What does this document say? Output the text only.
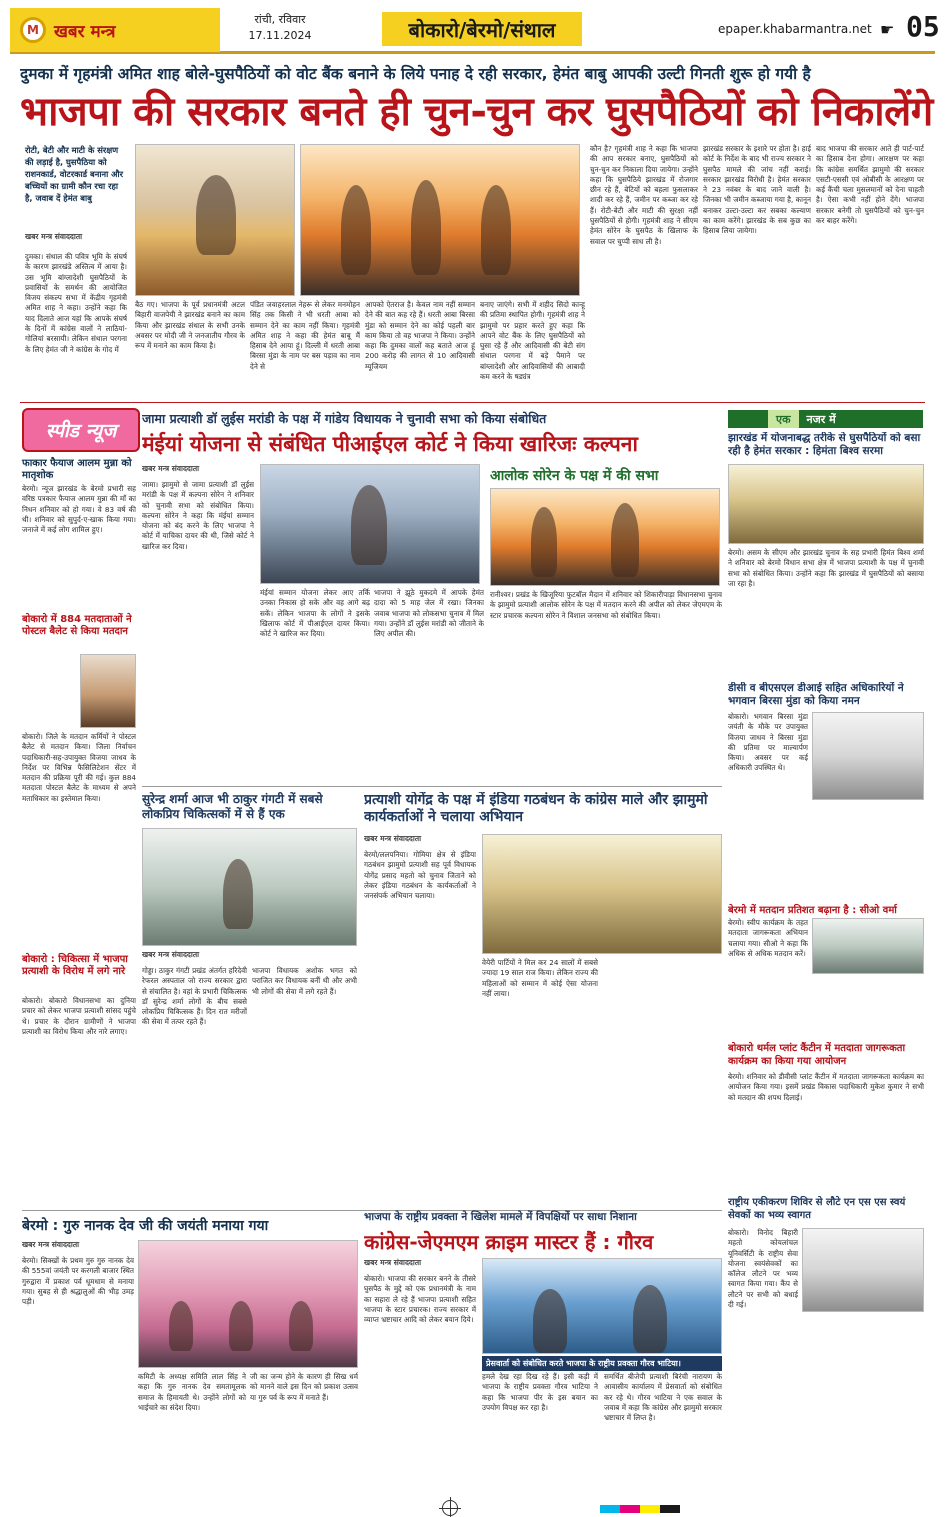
M खबर मन्त्र
रांची, रविवार
17.11.2024	बोकारो/बेरमो/संथाल	epaper.khabarmantra.net ☛ 05
दुमका में गृहमंत्री अमित शाह बोले-घुसपैठियों को वोट बैंक बनाने के लिये पनाह दे रही सरकार, हेमंत बाबु आपकी उल्टी गिनती शुरू हो गयी है
भाजपा की सरकार बनते ही चुन-चुन कर घुसपैठियों को निकालेंगे
रोटी, बेटी और माटी के संरक्षण की लड़ाई है, घुसपैठिया को राशनकार्ड, वोटरकार्ड बनाना और बच्चियों का ग्रामी कौन रचा रहा है, जवाब दें हेमंत बाबु
खबर मन्त्र संवाददाता
दुमका। संथाल की पवित्र भूमि के संघर्ष के कारण झारखंडे अस्तित्व में आया है। उस भूमि बांग्लादेशी घुसपैठियों के प्रवासियों के समर्थन की आयोजित विजय संकल्प सभा में केंद्रीय गृहमंत्री अमित शाह ने कहा। उन्होंने कहा कि याद दिलाते आज यहां कि आपके संघर्ष के दिनों में कांग्रेस वालों ने लाठियां-गोलियां बरसायी। लेकिन संथाल परगना के लिए हेमंत जी ने कांग्रेस के गोद में
बैठ गए। भाजपा के पूर्व प्रधानमंत्री अटल बिहारी वाजपेयी ने झारखंड बनाने का काम किया और झारखंड संथाल के सभी उनके अवसर पर मोदी जी ने जनजातीय गौरव के रूप में मनाने का काम किया है।
पंडित जवाहरलाल नेहरू से लेकर मनमोहन सिंह तक किसी ने भी धरती आबा को सम्मान देने का काम नहीं किया। गृहमंत्री अमित शाह ने कहा की हेमंत बाबू मैं हिसाब देने आया हूं। दिल्ली में धरती आबा बिरसा मुंडा के नाम पर बस पड़ाव का नाम देने से
आपको ऐतराज है। केवल नाम नहीं सम्मान देने की बात कह रहे हैं। धरती आबा बिरसा मुंडा को सम्मान देने का कोई पहली बार काम किया तो वह भाजपा ने किया। उन्होंने कहा कि दुमका वालों कह बताते आज हूं 200 करोड़ की लागत से 10 आदिवासी म्यूजियम
बनाए जाएंगे। सभी में शहीद सिदो कान्हू की प्रतिमा स्थापित होगी। गृहमंत्री शाह ने झामुमो पर प्रहार करते हुए कहा कि आपने वोट बैंक के लिए घुसपैठियों को घुसा रहे हैं और आदिवासी की बेटी संग संथाल परगना में बड़े पैमाने पर बांग्लादेशी और आदिवासियों की आबादी कम करने के षड्यंत्र
कौन है? गृहमंत्री शाह ने कहा कि भाजपा की आप सरकार बनाए, घुसपैठियों को चुन-चुन कर निकाला दिया जायेगा। उन्होंने कहा कि घुसपैठिये झारखंड में रोजगार छीन रहे हैं, बेटियों को बहला फुसलाकर शादी कर रहे हैं, जमीन पर कब्जा कर रहे हैं। रोटी-बेटी और माटी की सुरक्षा नहीं घुसपैठियों से होगी। गृहमंत्री शाह ने सीएम हेमंत सोरेन के घुसपैठ के खिलाफ के सवाल पर चुप्पी साध ली है।
झारखंड सरकार के इशारे पर होता है। हाई कोर्ट के निर्देश के बाद भी राज्य सरकार ने घुसपैठ मामले की जांच नहीं कराई। सरकार झारखंड विरोधी है। हेमंत सरकार ने 23 नवंबर के बाद जाने वाली है। जिनका भी जमीन कब्जाया गया है, कानून बनाकर उल्टा-उल्टा कर सबका कल्याण का काम करेंगे। झारखंड के सब कुछ का हिसाब लिया जायेगा।
बाद भाजपा की सरकार आते ही पार्ट-पार्ट का हिसाब देना होगा। आरक्षण पर कहा कि कांग्रेस समर्थित झामुमो की सरकार एसटी-एससी एवं ओबीसी के आरक्षण पर कई कैंची चला मुसलमानों को देना चाहती है। ऐसा कभी नहीं होने देंगे। भाजपा सरकार बनेगी तो घुसपैठियों को चुन-चुन कर बाहर करेंगे।
स्पीड न्यूज
फाकार फैयाज आलम मुन्ना को मातृशोक
बेरमो। न्यूज झारखंड के बेरमो प्रभारी सह वरिष्ठ पत्रकार फैयाज आलम मुन्ना की माँ का निधन शनिवार को हो गया। वे 83 वर्ष की थी। शनिवार को सुपुर्द-ए-खाक किया गया। जनाजे में कई लोग शामिल हुए।
बोकारो में 884 मतदाताओं ने पोस्टल बैलेट से किया मतदान
बोकारो। जिले के मतदान कर्मियों ने पोस्टल बैलेट से मतदान किया। जिला निर्वाचन पदाधिकारी-सह-उपायुक्त विजया जाधव के निर्देश पर विभिन्न फैसिलिटेशन सेंटर में मतदान की प्रक्रिया पूरी की गई। कुल 884 मतदाता पोस्टल बैलेट के माध्यम से अपने मताधिकार का इस्तेमाल किया।
बोकारो : चिकित्सा में भाजपा प्रत्याशी के विरोध में लगे नारे
बोकारो। बोकारो विधानसभा का दुनिया प्रचार को लेकर भाजपा प्रत्याशी सांसद पहुंचे थे। प्रचार के दौरान ग्रामीणों ने भाजपा प्रत्याशी का विरोध किया और नारे लगाए।
जामा प्रत्याशी डॉ लुईस मरांडी के पक्ष में गांडेय विधायक ने चुनावी सभा को किया संबोधित
मंईयां योजना से संबंधित पीआईएल कोर्ट ने किया खारिजः कल्पना
खबर मन्त्र संवाददाता
जामा। झामुमो से जामा प्रत्याशी डॉ लुईस मरांडी के पक्ष में कल्पना सोरेन ने शनिवार को चुनावी सभा को संबोधित किया। कल्पना सोरेन ने कहा कि मंईयां सम्मान योजना को बंद करने के लिए भाजपा ने कोर्ट में याचिका दायर की थी, जिसे कोर्ट ने खारिज कर दिया।
मंईयां सम्मान योजना लेकर आए तर्कि उनका निकास हो सके और वह आगे बढ़ सकें। लेकिन भाजपा के लोगों ने इसके खिलाफ कोर्ट में पीआईएल दायर किया। कोर्ट ने खारिज कर दिया।
भाजपा ने झूठे मुकदमे में आपके हेमंत दादा को 5 माह जेल में रखा। जिनका जवाब भाजपा को लोकसभा चुनाव में मिल गया। उन्होंने डॉ लुईस मरांडी को जीताने के लिए अपील की।
आलोक सोरेन के पक्ष में की सभा
रानीश्वर। प्रखंड के खिजूरिया फुटबॉल मैदान में शनिवार को शिकारीपाड़ा विधानसभा चुनाव के झामुमो प्रत्याशी आलोक सोरेन के पक्ष में मतदान करने की अपील को लेकर जेएमएम के स्टार प्रचारक कल्पना सोरेन ने विशाल जनसभा को संबोधित किया।
एक	नजर में
झारखंड में योजनाबद्ध तरीके से घुसपैठियों को बसा रही है हेमंत सरकार : हिमंता बिश्व सरमा
बेरमो। असम के सीएम और झारखंड चुनाव के सह प्रभारी हिमंत बिश्व शर्मा ने शनिवार को बेरमो विधान सभा क्षेत्र में भाजपा प्रत्याशी के पक्ष में चुनावी सभा को संबोधित किया। उन्होंने कहा कि झारखंड में घुसपैठियों को बसाया जा रहा है।
डीसी व बीएसएल डीआई सहित अधिकारियों ने भगवान बिरसा मुंडा को किया नमन
बोकारो। भगवान बिरसा मुंडा जयंती के मौके पर उपायुक्त विजया जाधव ने बिरसा मुंडा की प्रतिमा पर माल्यार्पण किया। अवसर पर कई अधिकारी उपस्थित थे।
बेरमो में मतदान प्रतिशत बढ़ाना है : सीओ वर्मा
बेरमो। स्वीप कार्यक्रम के तहत मतदाता जागरूकता अभियान चलाया गया। सीओ ने कहा कि अधिक से अधिक मतदान करें।
बोकारो थर्मल प्लांट कैंटीन में मतदाता जागरूकता कार्यक्रम का किया गया आयोजन
बेरमो। शनिवार को डीवीसी प्लांट कैंटीन में मतदाता जागरूकता कार्यक्रम का आयोजन किया गया। इसमें प्रखंड विकास पदाधिकारी मुकेश कुमार ने सभी को मतदान की शपथ दिलाई।
राष्ट्रीय एकीकरण शिविर से लौटे एन एस एस स्वयं सेवकों का भव्य स्वागत
बोकारो। विनोद बिहारी महतो कोयलांचल यूनिवर्सिटी के राष्ट्रीय सेवा योजना स्वयंसेवकों का कॉलेज लौटने पर भव्य स्वागत किया गया। कैंप से लौटने पर सभी को बधाई दी गई।
सुरेन्द्र शर्मा आज भी ठाकुर गंगटी में सबसे लोकप्रिय चिकित्सकों में से हैं एक
खबर मन्त्र संवाददाता
गोड्डा। ठाकुर गंगटी प्रखंड अंतर्गत हरिदेवी रेफरल अस्पताल जो राज्य सरकार द्वारा से संचालित है। वहां के प्रभारी चिकित्सक डॉ सुरेन्द्र शर्मा लोगों के बीच सबसे लोकप्रिय चिकित्सक हैं। दिन रात मरीजों की सेवा में तत्पर रहते हैं।
भाजपा विधायक अशोक भगत को पराजित कर विधायक बनीं थी और अभी भी लोगों की सेवा में लगे रहते हैं।
प्रत्याशी योगेंद्र के पक्ष में इंडिया गठबंधन के कांग्रेस माले और झामुमो कार्यकर्ताओं ने चलाया अभियान
खबर मन्त्र संवाददाता
बेरमो/ललपनिया। गोमिया क्षेत्र से इंडिया गठबंधन झामुमो प्रत्याशी सह पूर्व विधायक योगेंद्र प्रसाद महतो को चुनाव जिताने को लेकर इंडिया गठबंधन के कार्यकर्ताओं ने जनसंपर्क अभियान चलाया।
वेयेरी पार्टियों ने मिल कर 24 सालों में सबसे ज्यादा 19 साल राज किया। लेकिन राज्य की महिलाओं को सम्मान में कोई ऐसा योजना नहीं लाया।
बेरमो : गुरु नानक देव जी की जयंती मनाया गया
खबर मन्त्र संवाददाता
बेरमो। सिक्खों के प्रथम गुरु गुरु नानक देव की 555वां जयंती पर करगली बाजार स्थित गुरुद्वारा में प्रकाश पर्व धूमधाम से मनाया गया। सुबह से ही श्रद्धालुओं की भीड़ उमड़ पड़ी।
कमिटी के अध्यक्ष समिति लाल सिंह ने कहा कि गुरु नानक देव समतामूलक समाज के हिमायती थे। उन्होंने लोगों को भाईचारे का संदेश दिया।
जी का जन्म होने के कारण ही सिख धर्म को मानने वाले इस दिन को प्रकाश उत्सव या गुरु पर्व के रूप में मनाते हैं।
भाजपा के राष्ट्रीय प्रवक्ता ने खिलेश मामले में विपक्षियों पर साधा निशाना
कांग्रेस-जेएमएम क्राइम मास्टर हैं : गौरव
खबर मन्त्र संवाददाता
बोकारो। भाजपा की सरकार बनने के तीसरे घुसपैठ के मुद्दे को एक प्रधानमंत्री के नाम का सहारा ले रहे हैं भाजपा प्रत्याशी सहित भाजपा के स्टार प्रचारक। राज्य सरकार में व्याप्त भ्रष्टाचार आदि को लेकर बयान दिये।
प्रेसवार्ता को संबोधित करते भाजपा के राष्ट्रीय प्रवक्ता गौरव भाटिया।
हमले देख रहा दिख रहे हैं। इसी कड़ी में भाजपा के राष्ट्रीय प्रवक्ता गौरव भाटिया ने कहा कि भाजपा पीर के इस बयान का उपयोग विपक्ष कर रहा है।
समर्थित बीजेपी प्रत्याशी बिरंची नारायण के आवासीय कार्यालय में प्रेसवार्ता को संबोधित कर रहे थे। गौरव भाटिया ने एक सवाल के जवाब में कहा कि कांग्रेस और झामुमो सरकार भ्रष्टाचार में लिप्त है।
